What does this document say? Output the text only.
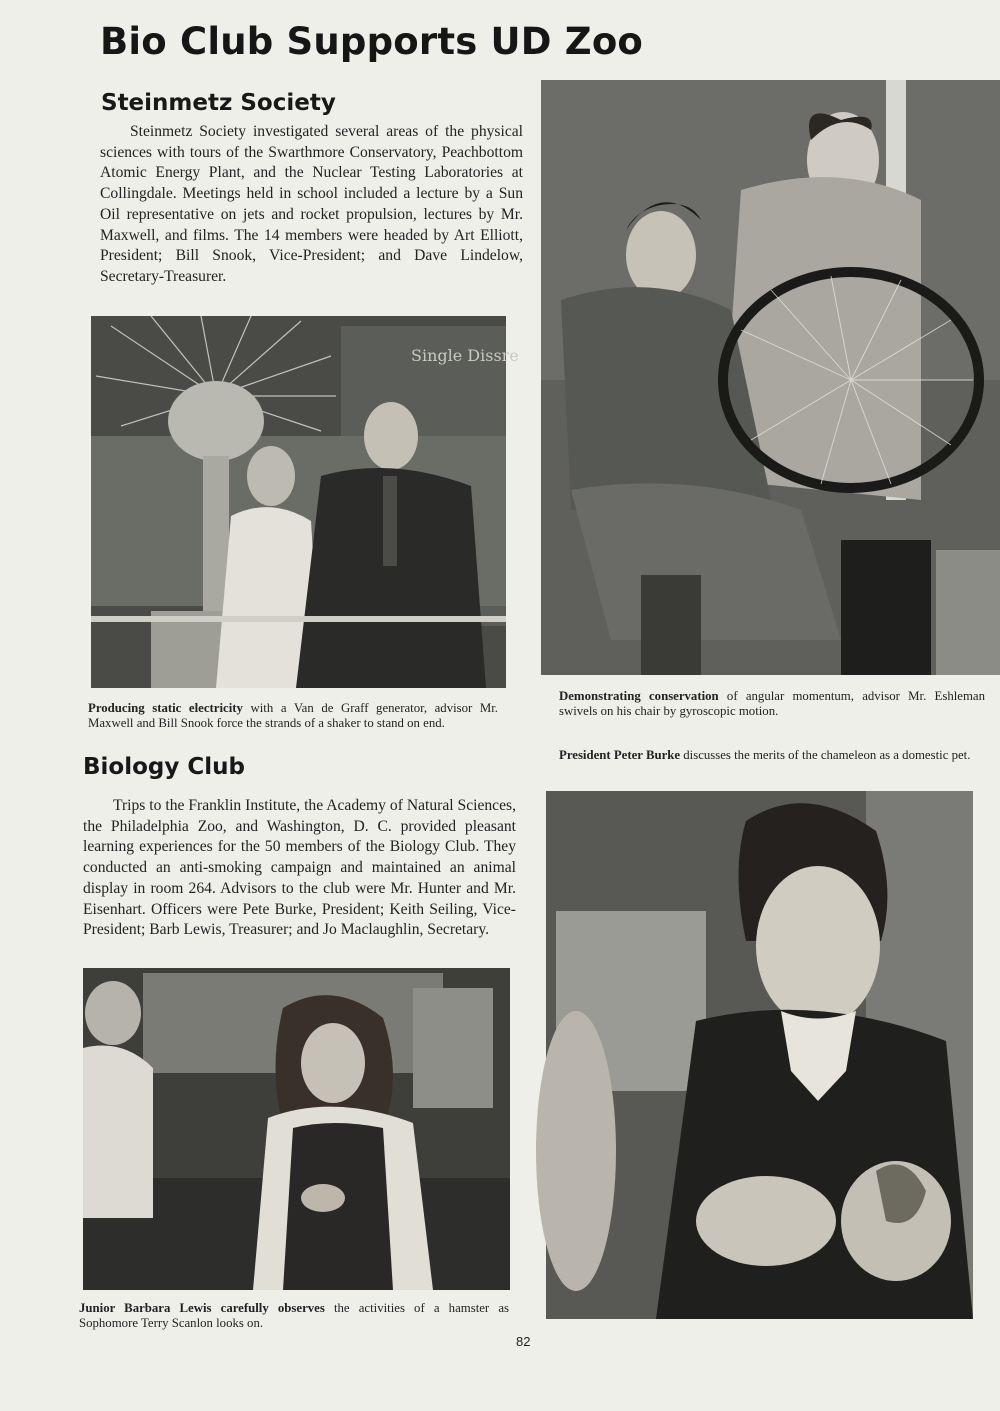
Bio Club Supports UD Zoo
Steinmetz Society

Steinmetz Society investigated several areas of the physical sciences with tours of the Swarthmore Conservatory, Peachbottom Atomic Energy Plant, and the Nuclear Testing Laboratories at Collingdale. Meetings held in school included a lecture by a Sun Oil representative on jets and rocket propulsion, lectures by Mr. Maxwell, and films. The 14 members were headed by Art Elliott, President; Bill Snook, Vice-President; and Dave Lindelow, Secretary-Treasurer.

Single Dissre

Producing static electricity with a Van de Graff generator, advisor Mr. Maxwell and Bill Snook force the strands of a shaker to stand on end.

Biology Club

Trips to the Franklin Institute, the Academy of Natural Sciences, the Philadelphia Zoo, and Washington, D. C. provided pleasant learning experiences for the 50 members of the Biology Club. They conducted an anti-smoking campaign and maintained an animal display in room 264. Advisors to the club were Mr. Hunter and Mr. Eisenhart. Officers were Pete Burke, President; Keith Seiling, Vice-President; Barb Lewis, Treasurer; and Jo Maclaughlin, Secretary.

Junior Barbara Lewis carefully observes the activities of a hamster as Sophomore Terry Scanlon looks on.

Demonstrating conservation of angular momentum, advisor Mr. Eshleman swivels on his chair by gyroscopic motion.

President Peter Burke discusses the merits of the chameleon as a domestic pet.

82
